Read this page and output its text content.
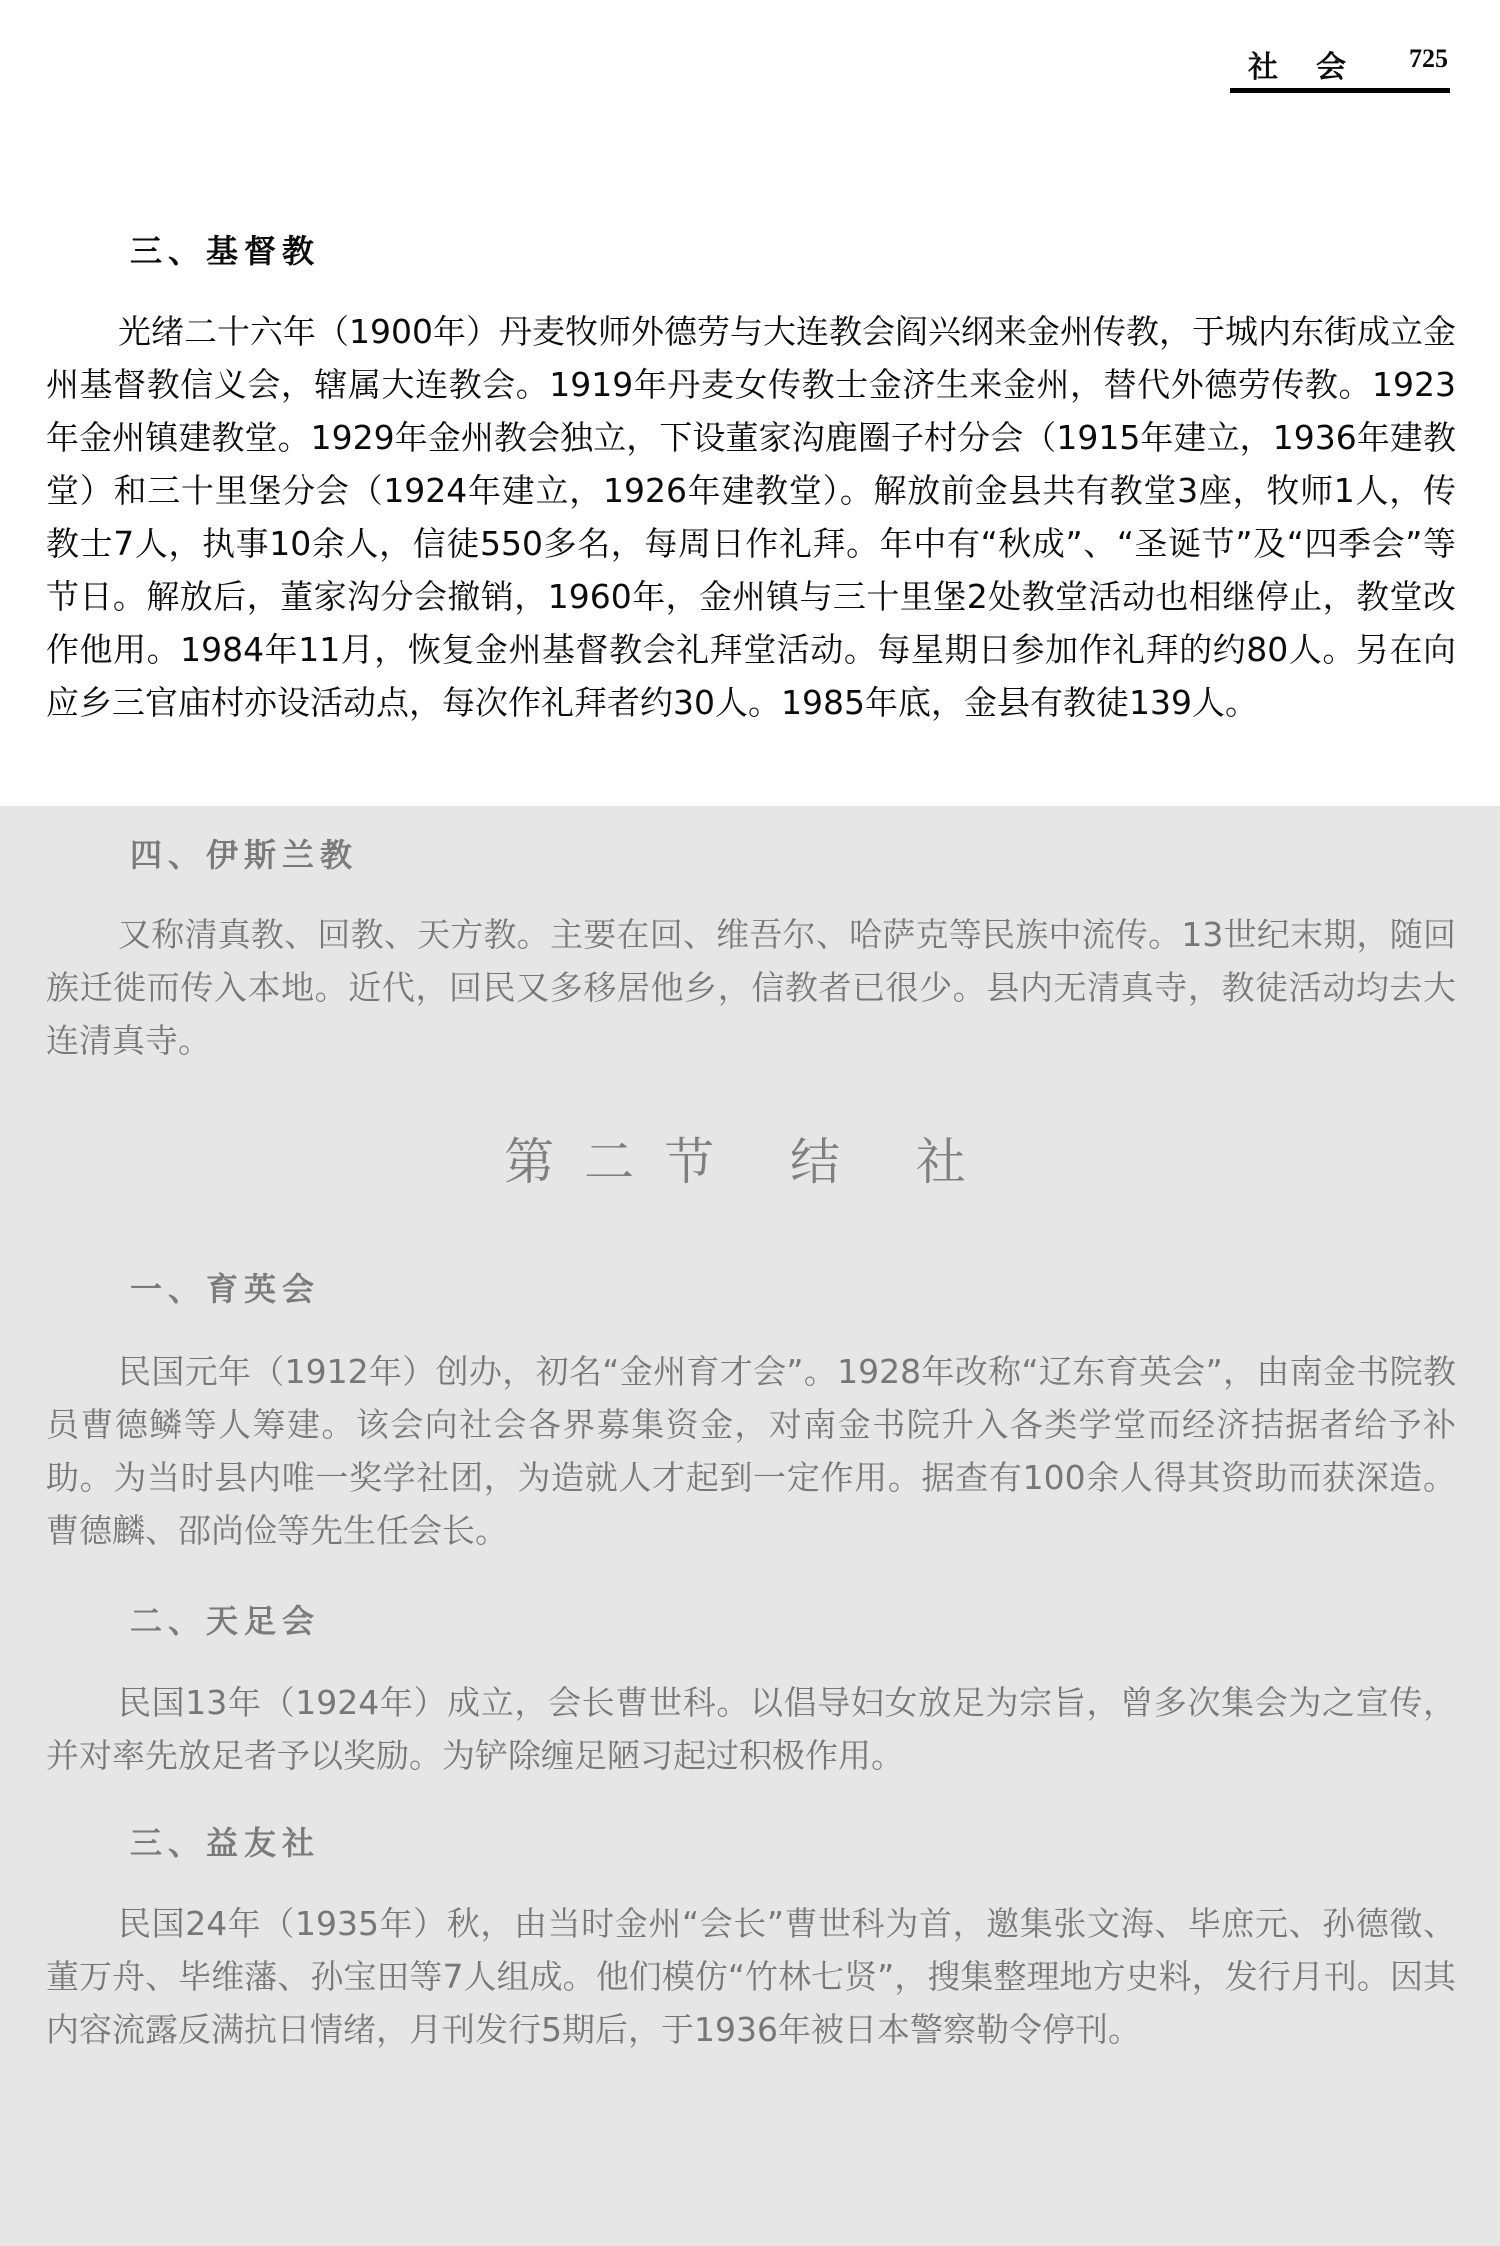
社会 725
三、基督教

光绪二十六年（1900年）丹麦牧师外德劳与大连教会阎兴纲来金州传教，于城内东街成立金州基督教信义会，辖属大连教会。1919年丹麦女传教士金济生来金州，替代外德劳传教。1923年金州镇建教堂。1929年金州教会独立，下设董家沟鹿圈子村分会（1915年建立，1936年建教堂）和三十里堡分会（1924年建立，1926年建教堂）。解放前金县共有教堂3座，牧师1人，传教士7人，执事10余人，信徒550多名，每周日作礼拜。年中有“秋成”、“圣诞节”及“四季会”等节日。解放后，董家沟分会撤销，1960年，金州镇与三十里堡2处教堂活动也相继停止，教堂改作他用。1984年11月，恢复金州基督教会礼拜堂活动。每星期日参加作礼拜的约80人。另在向应乡三官庙村亦设活动点，每次作礼拜者约30人。1985年底，金县有教徒139人。

四、伊斯兰教

又称清真教、回教、天方教。主要在回、维吾尔、哈萨克等民族中流传。13世纪末期，随回族迁徙而传入本地。近代，回民又多移居他乡，信教者已很少。县内无清真寺，教徒活动均去大连清真寺。

第二节 结 社
一、育英会

民国元年（1912年）创办，初名“金州育才会”。1928年改称“辽东育英会”，由南金书院教员曹德鳞等人筹建。该会向社会各界募集资金，对南金书院升入各类学堂而经济拮据者给予补助。为当时县内唯一奖学社团，为造就人才起到一定作用。据查有100余人得其资助而获深造。曹德麟、邵尚俭等先生任会长。

二、天足会

民国13年（1924年）成立，会长曹世科。以倡导妇女放足为宗旨，曾多次集会为之宣传，并对率先放足者予以奖励。为铲除缠足陋习起过积极作用。

三、益友社

民国24年（1935年）秋，由当时金州“会长”曹世科为首，邀集张文海、毕庶元、孙德徵、董万舟、毕维藩、孙宝田等7人组成。他们模仿“竹林七贤”，搜集整理地方史料，发行月刊。因其内容流露反满抗日情绪，月刊发行5期后，于1936年被日本警察勒令停刊。
